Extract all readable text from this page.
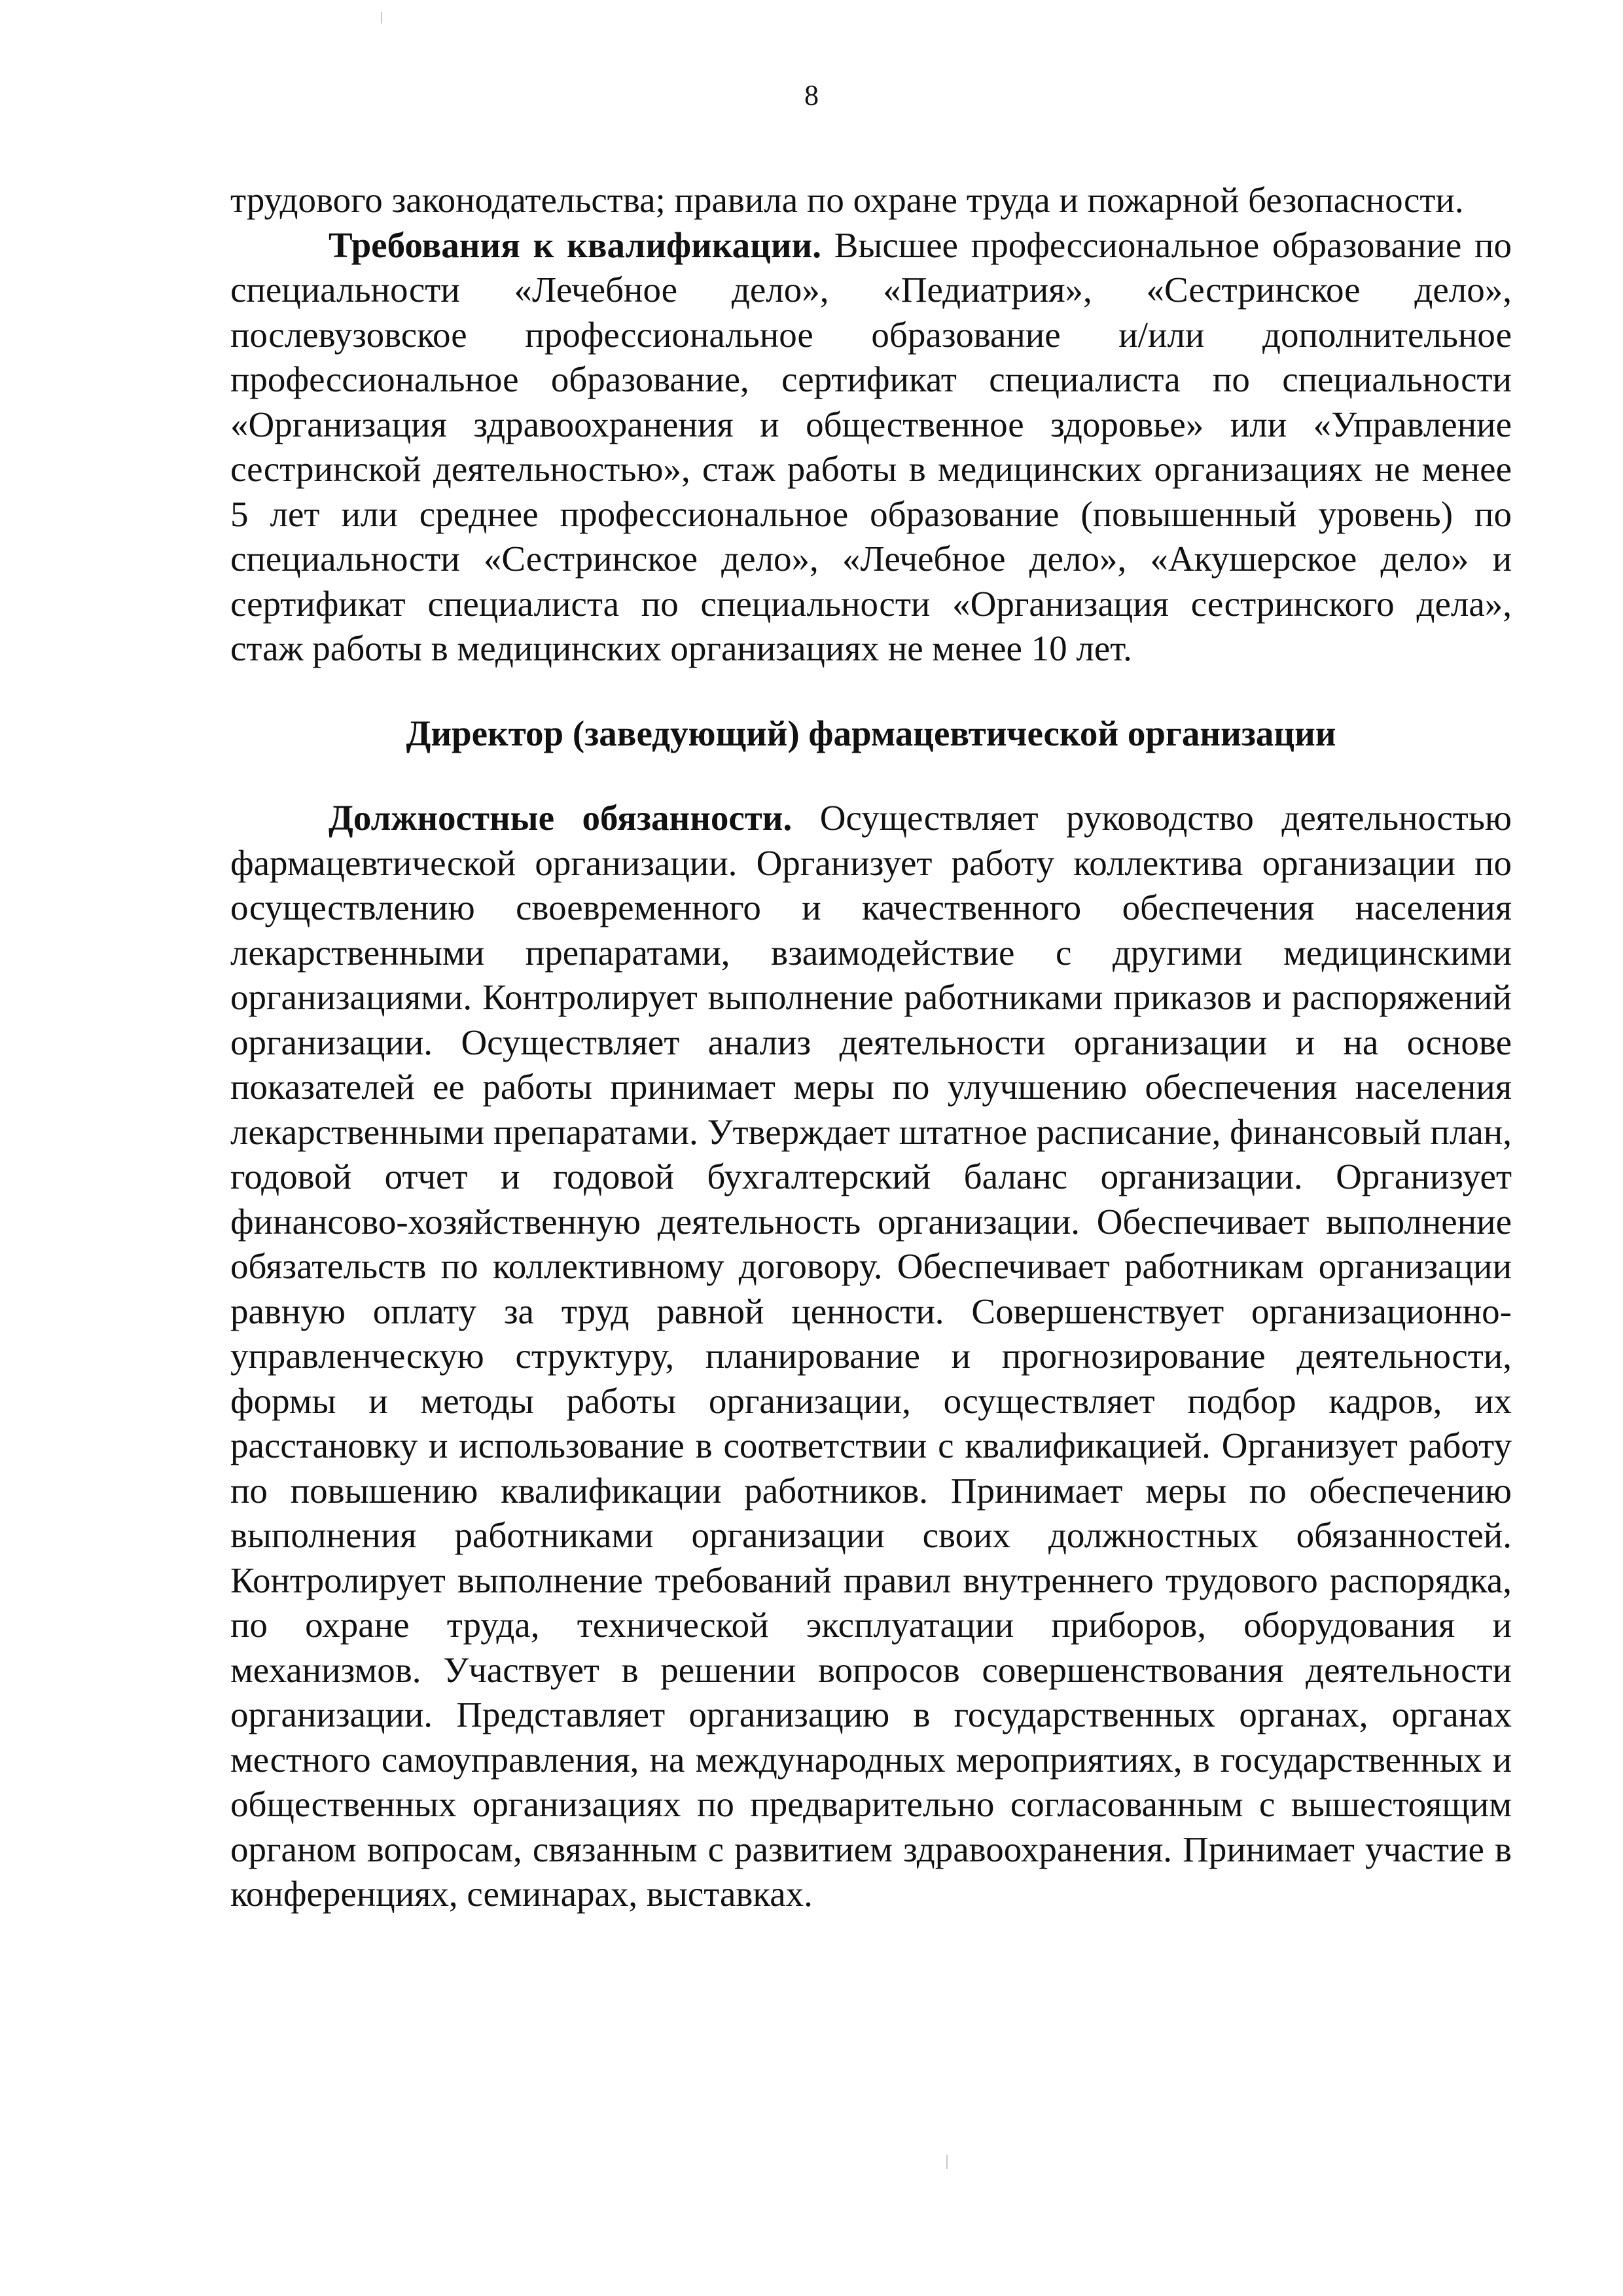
8

трудового законодательства; правила по охране труда и пожарной безопасности.

Требования к квалификации. Высшее профессиональное образование по специальности «Лечебное дело», «Педиатрия», «Сестринское дело», послевузовское профессиональное образование и/или дополнительное профессиональное образование, сертификат специалиста по специальности «Организация здравоохранения и общественное здоровье» или «Управление сестринской деятельностью», стаж работы в медицинских организациях не менее 5 лет или среднее профессиональное образование (повышенный уровень) по специальности «Сестринское дело», «Лечебное дело», «Акушерское дело» и сертификат специалиста по специальности «Организация сестринского дела», стаж работы в медицинских организациях не менее 10 лет.

Директор (заведующий) фармацевтической организации

Должностные обязанности. Осуществляет руководство деятельностью фармацевтической организации. Организует работу коллектива организации по осуществлению своевременного и качественного обеспечения населения лекарственными препаратами, взаимодействие с другими медицинскими организациями. Контролирует выполнение работниками приказов и распоряжений организации. Осуществляет анализ деятельности организации и на основе показателей ее работы принимает меры по улучшению обеспечения населения лекарственными препаратами. Утверждает штатное расписание, финансовый план, годовой отчет и годовой бухгалтерский баланс организации. Организует финансово-хозяйственную деятельность организации. Обеспечивает выполнение обязательств по коллективному договору. Обеспечивает работникам организации равную оплату за труд равной ценности. Совершенствует организационно-управленческую структуру, планирование и прогнозирование деятельности, формы и методы работы организации, осуществляет подбор кадров, их расстановку и использование в соответствии с квалификацией. Организует работу по повышению квалификации работников. Принимает меры по обеспечению выполнения работниками организации своих должностных обязанностей. Контролирует выполнение требований правил внутреннего трудового распорядка, по охране труда, технической эксплуатации приборов, оборудования и механизмов. Участвует в решении вопросов совершенствования деятельности организации. Представляет организацию в государственных органах, органах местного самоуправления, на международных мероприятиях, в государственных и общественных организациях по предварительно согласованным с вышестоящим органом вопросам, связанным с развитием здравоохранения. Принимает участие в конференциях, семинарах, выставках.
